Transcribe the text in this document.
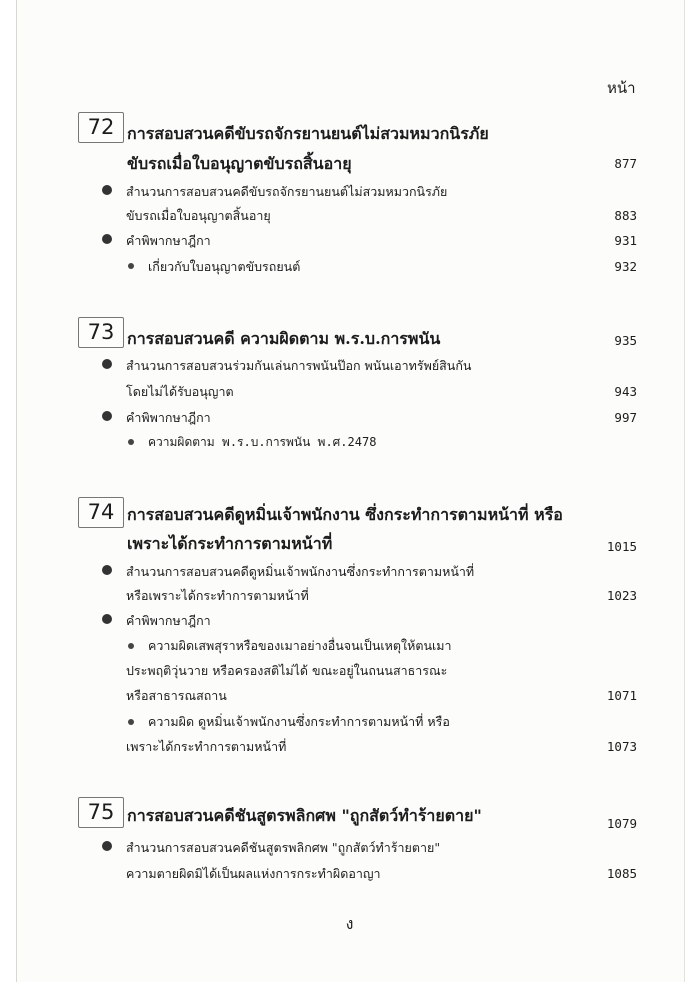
หน้า
72 การสอบสวนคดีขับรถจักรยานยนต์ไม่สวมหมวกนิรภัย
ขับรถเมื่อใบอนุญาตขับรถสิ้นอายุ	877
สำนวนการสอบสวนคดีขับรถจักรยานยนต์ไม่สวมหมวกนิรภัย
ขับรถเมื่อใบอนุญาตสิ้นอายุ	883
คำพิพากษาฎีกา	931
เกี่ยวกับใบอนุญาตขับรถยนต์	932
73 การสอบสวนคดี ความผิดตาม พ.ร.บ.การพนัน	935
สำนวนการสอบสวนร่วมกันเล่นการพนันป๊อก พนันเอาทรัพย์สินกัน
โดยไม่ได้รับอนุญาต	943
คำพิพากษาฎีกา	997
ความผิดตาม พ.ร.บ.การพนัน พ.ศ.2478
74 การสอบสวนคดีดูหมิ่นเจ้าพนักงาน ซึ่งกระทำการตามหน้าที่ หรือ
เพราะได้กระทำการตามหน้าที่	1015
สำนวนการสอบสวนคดีดูหมิ่นเจ้าพนักงานซึ่งกระทำการตามหน้าที่
หรือเพราะได้กระทำการตามหน้าที่	1023
คำพิพากษาฎีกา
ความผิดเสพสุราหรือของเมาอย่างอื่นจนเป็นเหตุให้ตนเมา
ประพฤติวุ่นวาย หรือครองสติไม่ได้ ขณะอยู่ในถนนสาธารณะ
หรือสาธารณสถาน	1071
ความผิด ดูหมิ่นเจ้าพนักงานซึ่งกระทำการตามหน้าที่ หรือ
เพราะได้กระทำการตามหน้าที่	1073
75 การสอบสวนคดีชันสูตรพลิกศพ "ถูกสัตว์ทำร้ายตาย"	1079
สำนวนการสอบสวนคดีชันสูตรพลิกศพ "ถูกสัตว์ทำร้ายตาย"
ความตายผิดมิได้เป็นผลแห่งการกระทำผิดอาญา	1085
ง
